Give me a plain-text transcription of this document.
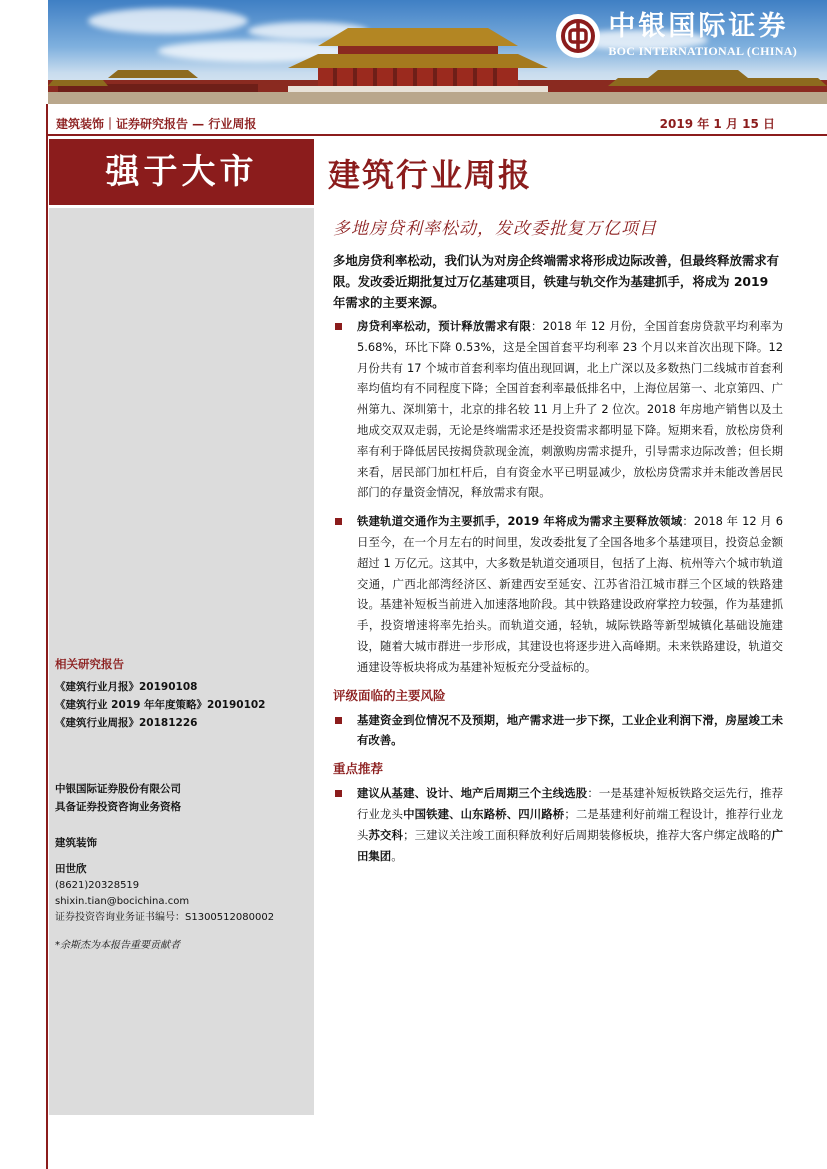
中银国际证券
BOC INTERNATIONAL (CHINA)
建筑装饰｜证券研究报告 — 行业周报	2019 年 1 月 15 日
强于大市
相关研究报告
《建筑行业月报》20190108
《建筑行业 2019 年年度策略》20190102
《建筑行业周报》20181226
中银国际证券股份有限公司
具备证券投资咨询业务资格
建筑装饰
田世欣
(8621)20328519
shixin.tian@bocichina.com
证券投资咨询业务证书编号：S1300512080002
*余斯杰为本报告重要贡献者
建筑行业周报
多地房贷利率松动，发改委批复万亿项目
多地房贷利率松动，我们认为对房企终端需求将形成边际改善，但最终释放需求有限。发改委近期批复过万亿基建项目，铁建与轨交作为基建抓手，将成为 2019 年需求的主要来源。
房贷利率松动，预计释放需求有限：2018 年 12 月份，全国首套房贷款平均利率为 5.68%，环比下降 0.53%，这是全国首套平均利率 23 个月以来首次出现下降。12 月份共有 17 个城市首套利率均值出现回调，北上广深以及多数热门二线城市首套利率均值均有不同程度下降；全国首套利率最低排名中，上海位居第一、北京第四、广州第九、深圳第十，北京的排名较 11 月上升了 2 位次。2018 年房地产销售以及土地成交双双走弱，无论是终端需求还是投资需求都明显下降。短期来看，放松房贷利率有利于降低居民按揭贷款现金流，刺激购房需求提升，引导需求边际改善；但长期来看，居民部门加杠杆后，自有资金水平已明显减少，放松房贷需求并未能改善居民部门的存量资金情况，释放需求有限。
铁建轨道交通作为主要抓手，2019 年将成为需求主要释放领域：2018 年 12 月 6 日至今，在一个月左右的时间里，发改委批复了全国各地多个基建项目，投资总金额超过 1 万亿元。这其中，大多数是轨道交通项目，包括了上海、杭州等六个城市轨道交通，广西北部湾经济区、新建西安至延安、江苏省沿江城市群三个区域的铁路建设。基建补短板当前进入加速落地阶段。其中铁路建设政府掌控力较强，作为基建抓手，投资增速将率先抬头。而轨道交通，轻轨，城际铁路等新型城镇化基础设施建设，随着大城市群进一步形成，其建设也将逐步进入高峰期。未来铁路建设，轨道交通建设等板块将成为基建补短板充分受益标的。
评级面临的主要风险
基建资金到位情况不及预期，地产需求进一步下探，工业企业利润下滑，房屋竣工未有改善。
重点推荐
建议从基建、设计、地产后周期三个主线选股：一是基建补短板铁路交运先行，推荐行业龙头中国铁建、山东路桥、四川路桥；二是基建利好前端工程设计，推荐行业龙头苏交科；三建议关注竣工面积释放利好后周期装修板块，推荐大客户绑定战略的广田集团。
